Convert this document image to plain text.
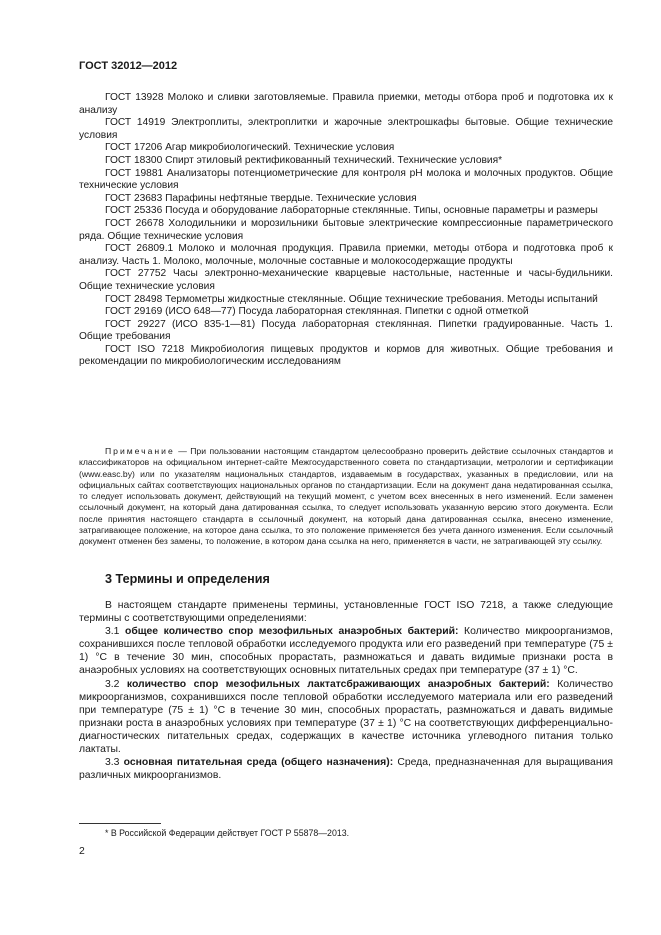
ГОСТ 32012—2012

ГОСТ 13928 Молоко и сливки заготовляемые. Правила приемки, методы отбора проб и подготовка их к анализу

ГОСТ 14919 Электроплиты, электроплитки и жарочные электрошкафы бытовые. Общие технические условия

ГОСТ 17206 Агар микробиологический. Технические условия

ГОСТ 18300 Спирт этиловый ректификованный технический. Технические условия*

ГОСТ 19881 Анализаторы потенциометрические для контроля pH молока и молочных продуктов. Общие технические условия

ГОСТ 23683 Парафины нефтяные твердые. Технические условия

ГОСТ 25336 Посуда и оборудование лабораторные стеклянные. Типы, основные параметры и размеры

ГОСТ 26678 Холодильники и морозильники бытовые электрические компрессионные параметрического ряда. Общие технические условия

ГОСТ 26809.1 Молоко и молочная продукция. Правила приемки, методы отбора и подготовка проб к анализу. Часть 1. Молоко, молочные, молочные составные и молокосодержащие продукты

ГОСТ 27752 Часы электронно-механические кварцевые настольные, настенные и часы-будильники. Общие технические условия

ГОСТ 28498 Термометры жидкостные стеклянные. Общие технические требования. Методы испытаний

ГОСТ 29169 (ИСО 648—77) Посуда лабораторная стеклянная. Пипетки с одной отметкой

ГОСТ 29227 (ИСО 835-1—81) Посуда лабораторная стеклянная. Пипетки градуированные. Часть 1. Общие требования

ГОСТ ISO 7218 Микробиология пищевых продуктов и кормов для животных. Общие требования и рекомендации по микробиологическим исследованиям

Примечание — При пользовании настоящим стандартом целесообразно проверить действие ссылочных стандартов и классификаторов на официальном интернет-сайте Межгосударственного совета по стандартизации, метрологии и сертификации (www.easc.by) или по указателям национальных стандартов, издаваемым в государствах, указанных в предисловии, или на официальных сайтах соответствующих национальных органов по стандартизации. Если на документ дана недатированная ссылка, то следует использовать документ, действующий на текущий момент, с учетом всех внесенных в него изменений. Если заменен ссылочный документ, на который дана датированная ссылка, то следует использовать указанную версию этого документа. Если после принятия настоящего стандарта в ссылочный документ, на который дана датированная ссылка, внесено изменение, затрагивающее положение, на которое дана ссылка, то это положение применяется без учета данного изменения. Если ссылочный документ отменен без замены, то положение, в котором дана ссылка на него, применяется в части, не затрагивающей эту ссылку.

3 Термины и определения

В настоящем стандарте применены термины, установленные ГОСТ ISO 7218, а также следующие термины с соответствующими определениями:

3.1 общее количество спор мезофильных анаэробных бактерий: Количество микроорганизмов, сохранившихся после тепловой обработки исследуемого продукта или его разведений при температуре (75 ± 1) °С в течение 30 мин, способных прорастать, размножаться и давать видимые признаки роста в анаэробных условиях на соответствующих основных питательных средах при температуре (37 ± 1) °С.

3.2 количество спор мезофильных лактатсбраживающих анаэробных бактерий: Количество микроорганизмов, сохранившихся после тепловой обработки исследуемого материала или его разведений при температуре (75 ± 1) °С в течение 30 мин, способных прорастать, размножаться и давать видимые признаки роста в анаэробных условиях при температуре (37 ± 1) °С на соответствующих дифференциально-диагностических питательных средах, содержащих в качестве источника углеводного питания только лактаты.

3.3 основная питательная среда (общего назначения): Среда, предназначенная для выращивания различных микроорганизмов.

* В Российской Федерации действует ГОСТ Р 55878—2013.
2
